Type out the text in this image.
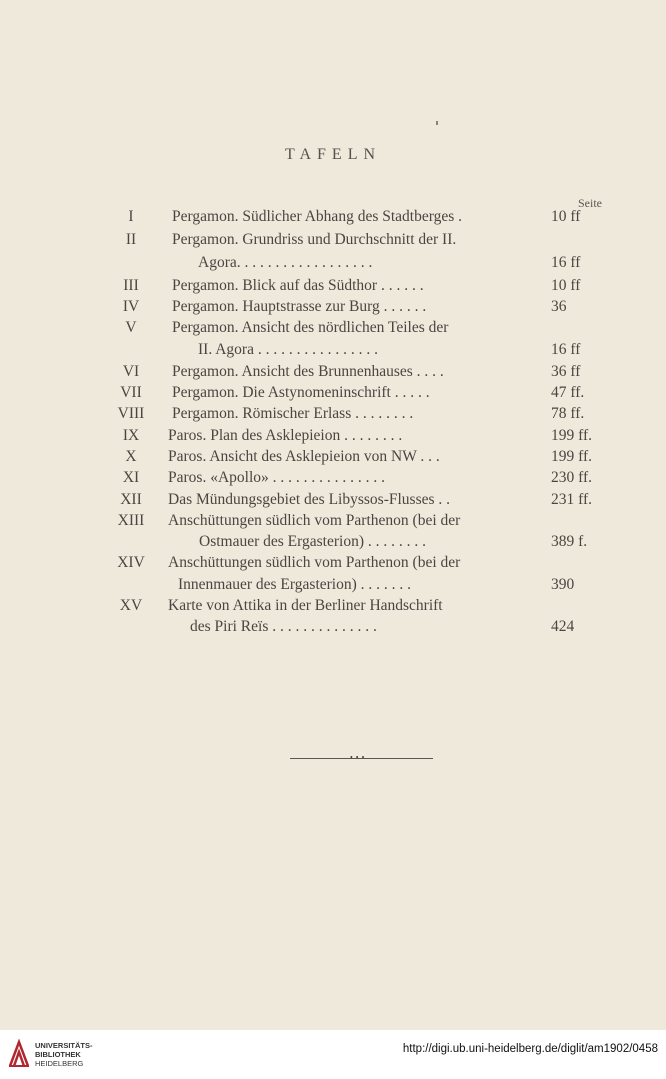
TAFELN
Seite
I	Pergamon. Südlicher Abhang des Stadtberges .	10 ff
II	Pergamon. Grundriss und Durchschnitt der II.
Agora. . . . . . . . . . . . . . . . . .	16 ff
III	Pergamon. Blick auf das Südthor . . . . . .	10 ff
IV	Pergamon. Hauptstrasse zur Burg . . . . . .	36
V	Pergamon. Ansicht des nördlichen Teiles der
II. Agora . . . . . . . . . . . . . . . .	16 ff
VI	Pergamon. Ansicht des Brunnenhauses . . . .	36 ff
VII	Pergamon. Die Astynomeninschrift . . . . .	47 ff.
VIII	Pergamon. Römischer Erlass . . . . . . . .	78 ff.
IX	Paros. Plan des Asklepieion . . . . . . . .	199 ff.
X	Paros. Ansicht des Asklepieion von NW . . .	199 ff.
XI	Paros. «Apollo» . . . . . . . . . . . . . . .	230 ff.
XII	Das Mündungsgebiet des Libyssos-Flusses . .	231 ff.
XIII	Anschüttungen südlich vom Parthenon (bei der
Ostmauer des Ergasterion) . . . . . . . .	389 f.
XIV	Anschüttungen südlich vom Parthenon (bei der
Innenmauer des Ergasterion) . . . . . . .	390
XV	Karte von Attika in der Berliner Handschrift
des Piri Reïs . . . . . . . . . . . . . .	424
•••
UNIVERSITÄTS-
BIBLIOTHEK
HEIDELBERG
http://digi.ub.uni-heidelberg.de/diglit/am1902/0458
